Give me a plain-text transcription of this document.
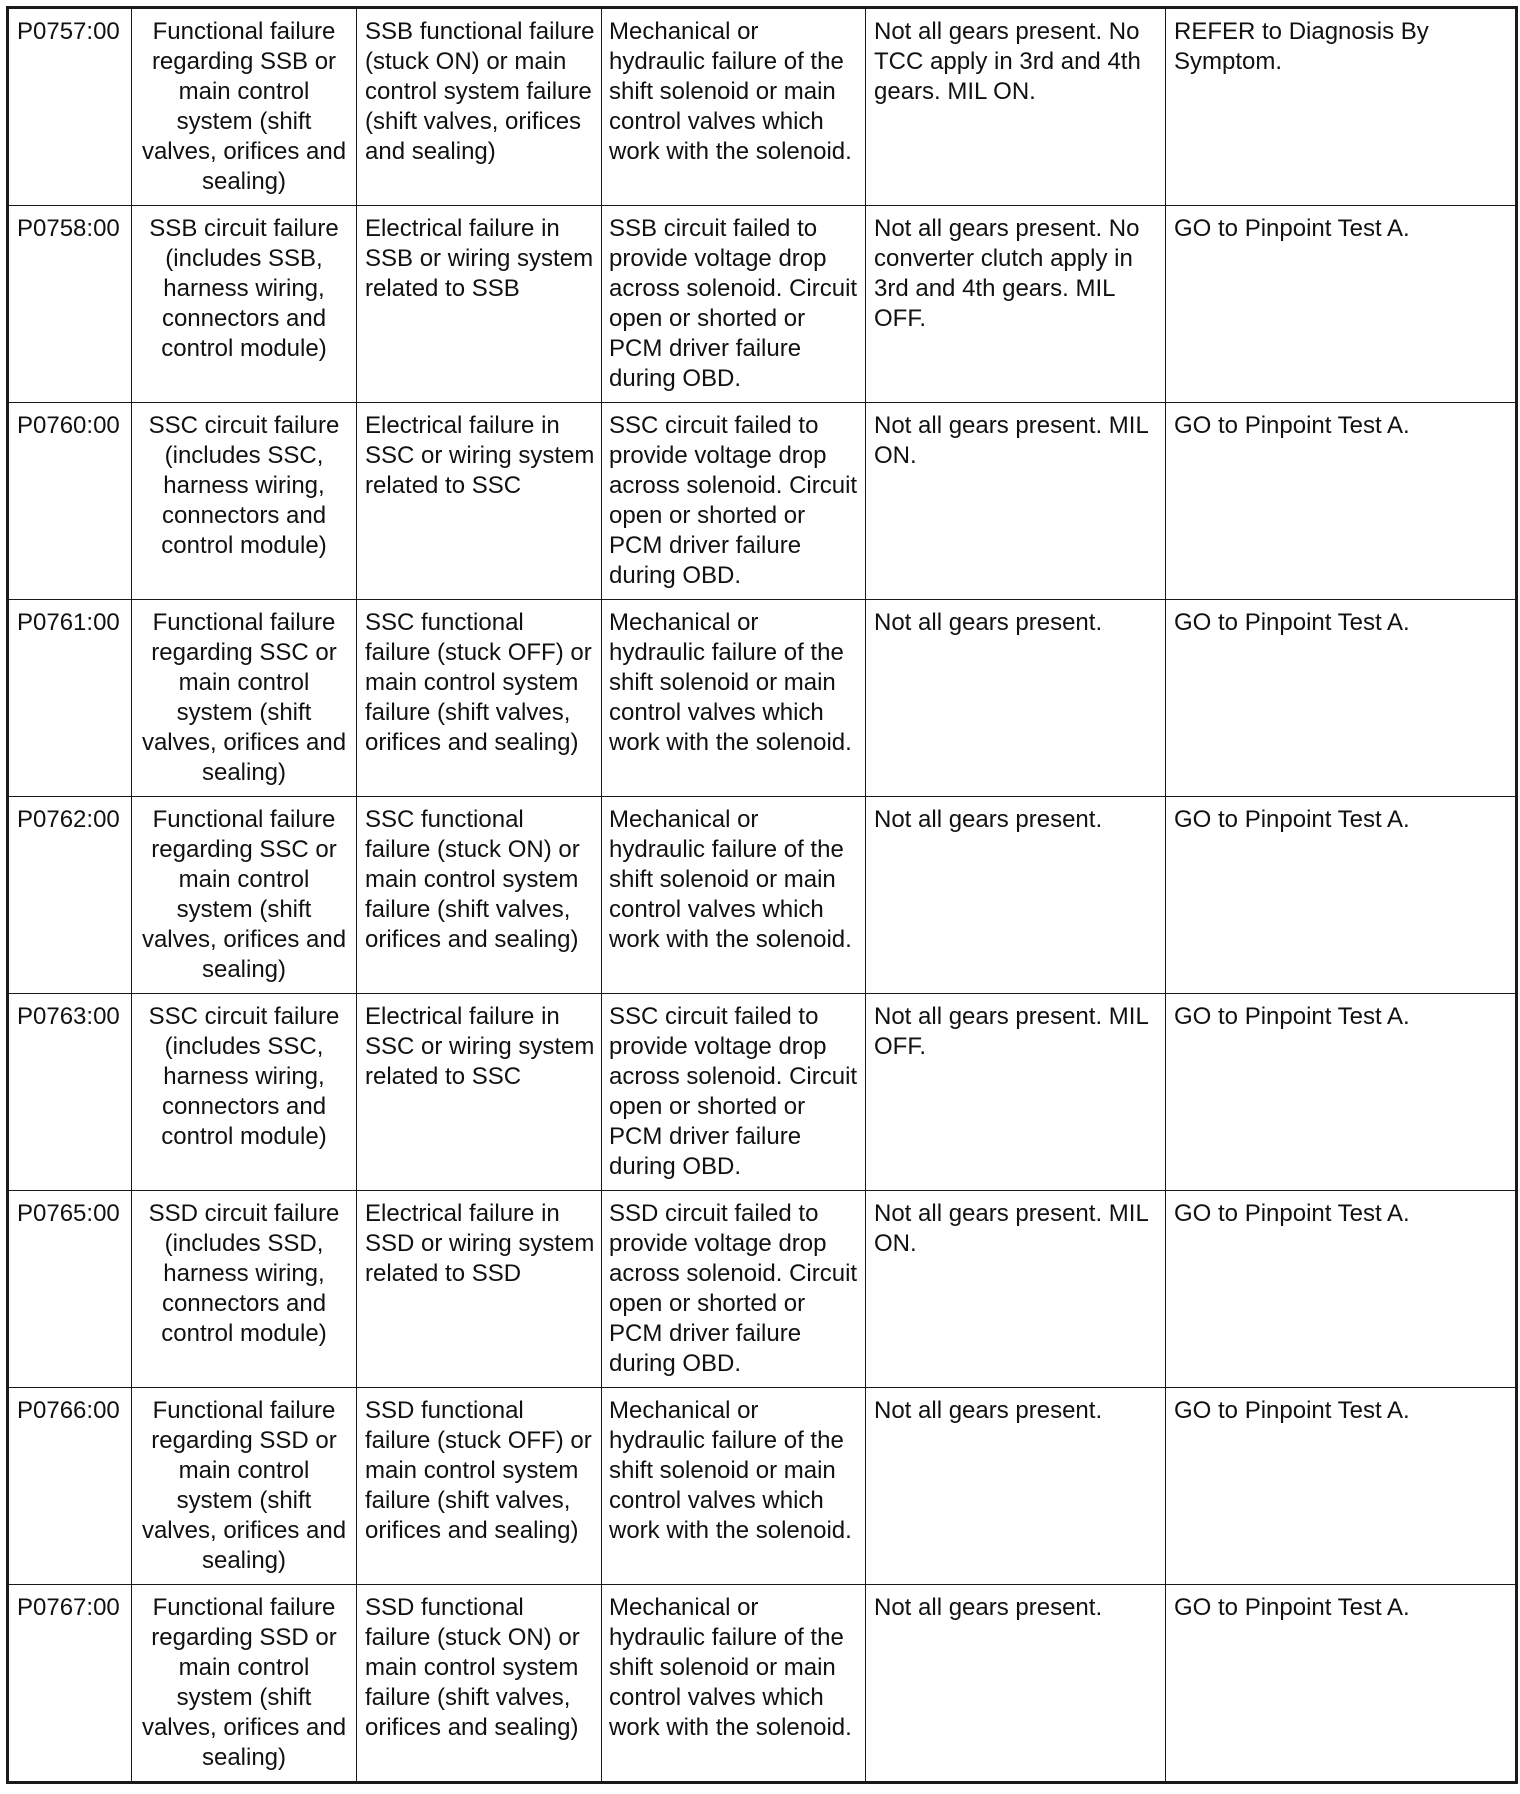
P0757:00	Functional failure regarding SSB or main control system (shift valves, orifices and sealing)	SSB functional failure (stuck ON) or main control system failure (shift valves, orifices and sealing)	Mechanical or hydraulic failure of the shift solenoid or main control valves which work with the solenoid.	Not all gears present. No TCC apply in 3rd and 4th gears. MIL ON.	REFER to Diagnosis By Symptom.
P0758:00	SSB circuit failure (includes SSB, harness wiring, connectors and control module)	Electrical failure in SSB or wiring system related to SSB	SSB circuit failed to provide voltage drop across solenoid. Circuit open or shorted or PCM driver failure during OBD.	Not all gears present. No converter clutch apply in 3rd and 4th gears. MIL OFF.	GO to Pinpoint Test A.
P0760:00	SSC circuit failure (includes SSC, harness wiring, connectors and control module)	Electrical failure in SSC or wiring system related to SSC	SSC circuit failed to provide voltage drop across solenoid. Circuit open or shorted or PCM driver failure during OBD.	Not all gears present. MIL ON.	GO to Pinpoint Test A.
P0761:00	Functional failure regarding SSC or main control system (shift valves, orifices and sealing)	SSC functional failure (stuck OFF) or main control system failure (shift valves, orifices and sealing)	Mechanical or hydraulic failure of the shift solenoid or main control valves which work with the solenoid.	Not all gears present.	GO to Pinpoint Test A.
P0762:00	Functional failure regarding SSC or main control system (shift valves, orifices and sealing)	SSC functional failure (stuck ON) or main control system failure (shift valves, orifices and sealing)	Mechanical or hydraulic failure of the shift solenoid or main control valves which work with the solenoid.	Not all gears present.	GO to Pinpoint Test A.
P0763:00	SSC circuit failure (includes SSC, harness wiring, connectors and control module)	Electrical failure in SSC or wiring system related to SSC	SSC circuit failed to provide voltage drop across solenoid. Circuit open or shorted or PCM driver failure during OBD.	Not all gears present. MIL OFF.	GO to Pinpoint Test A.
P0765:00	SSD circuit failure (includes SSD, harness wiring, connectors and control module)	Electrical failure in SSD or wiring system related to SSD	SSD circuit failed to provide voltage drop across solenoid. Circuit open or shorted or PCM driver failure during OBD.	Not all gears present. MIL ON.	GO to Pinpoint Test A.
P0766:00	Functional failure regarding SSD or main control system (shift valves, orifices and sealing)	SSD functional failure (stuck OFF) or main control system failure (shift valves, orifices and sealing)	Mechanical or hydraulic failure of the shift solenoid or main control valves which work with the solenoid.	Not all gears present.	GO to Pinpoint Test A.
P0767:00	Functional failure regarding SSD or main control system (shift valves, orifices and sealing)	SSD functional failure (stuck ON) or main control system failure (shift valves, orifices and sealing)	Mechanical or hydraulic failure of the shift solenoid or main control valves which work with the solenoid.	Not all gears present.	GO to Pinpoint Test A.
